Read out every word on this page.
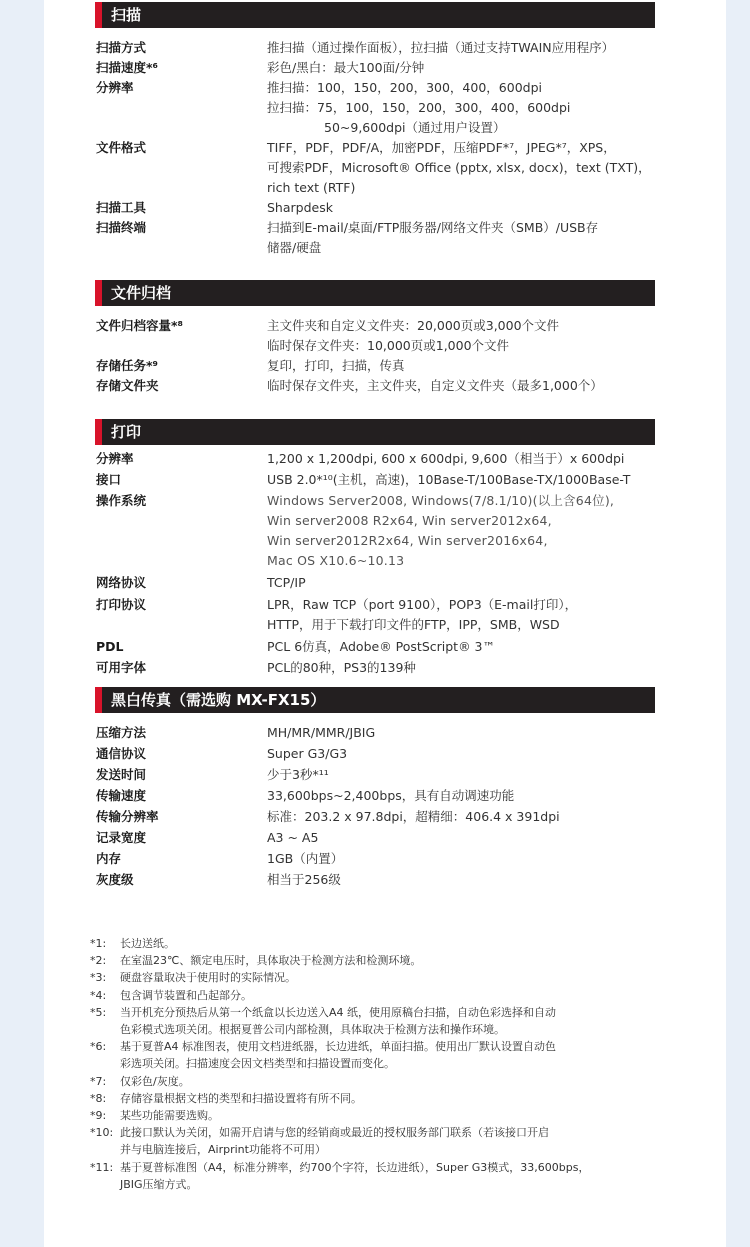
扫描
扫描方式	推扫描（通过操作面板），拉扫描（通过支持TWAIN应用程序）
扫描速度*⁶	彩色/黑白：最大100面/分钟
分辨率	推扫描：100，150，200，300，400，600dpi
拉扫描：75，100，150，200，300，400，600dpi
50~9,600dpi（通过用户设置）
文件格式	TIFF，PDF，PDF/A，加密PDF，压缩PDF*⁷，JPEG*⁷，XPS，
可搜索PDF，Microsoft® Office (pptx, xlsx, docx)，text (TXT)，
rich text (RTF)
扫描工具	Sharpdesk
扫描终端	扫描到E-mail/桌面/FTP服务器/网络文件夹（SMB）/USB存
储器/硬盘
文件归档
文件归档容量*⁸	主文件夹和自定义文件夹：20,000页或3,000个文件
临时保存文件夹：10,000页或1,000个文件
存储任务*⁹	复印，打印，扫描，传真
存储文件夹	临时保存文件夹，主文件夹，自定义文件夹（最多1,000个）
打印
分辨率	1,200 x 1,200dpi, 600 x 600dpi, 9,600（相当于）x 600dpi
接口	USB 2.0*¹⁰(主机，高速)，10Base-T/100Base-TX/1000Base-T
操作系统	Windows Server2008, Windows(7/8.1/10)(以上含64位),
Win server2008 R2x64, Win server2012x64,
Win server2012R2x64, Win server2016x64,
Mac OS X10.6~10.13
网络协议	TCP/IP
打印协议	LPR，Raw TCP（port 9100），POP3（E-mail打印），
HTTP，用于下载打印文件的FTP，IPP，SMB，WSD
PDL	PCL 6仿真，Adobe® PostScript® 3™
可用字体	PCL的80种，PS3的139种
黑白传真（需选购 MX-FX15）
压缩方法	MH/MR/MMR/JBIG
通信协议	Super G3/G3
发送时间	少于3秒*¹¹
传输速度	33,600bps~2,400bps，具有自动调速功能
传输分辨率	标准：203.2 x 97.8dpi，超精细：406.4 x 391dpi
记录宽度	A3 ~ A5
内存	1GB（内置）
灰度级	相当于256级
*1: 长边送纸。
*2: 在室温23℃、额定电压时，具体取决于检测方法和检测环境。
*3: 硬盘容量取决于使用时的实际情况。
*4: 包含调节装置和凸起部分。
*5: 当开机充分预热后从第一个纸盒以长边送入A4 纸，使用原稿台扫描，自动色彩选择和自动
色彩模式选项关闭。根据夏普公司内部检测，具体取决于检测方法和操作环境。
*6: 基于夏普A4 标准图表，使用文档进纸器，长边进纸，单面扫描。使用出厂默认设置自动色
彩选项关闭。扫描速度会因文档类型和扫描设置而变化。
*7: 仅彩色/灰度。
*8: 存储容量根据文档的类型和扫描设置将有所不同。
*9: 某些功能需要选购。
*10: 此接口默认为关闭，如需开启请与您的经销商或最近的授权服务部门联系（若该接口开启
并与电脑连接后，Airprint功能将不可用）
*11: 基于夏普标准图（A4，标准分辨率，约700个字符，长边进纸），Super G3模式，33,600bps，
JBIG压缩方式。
